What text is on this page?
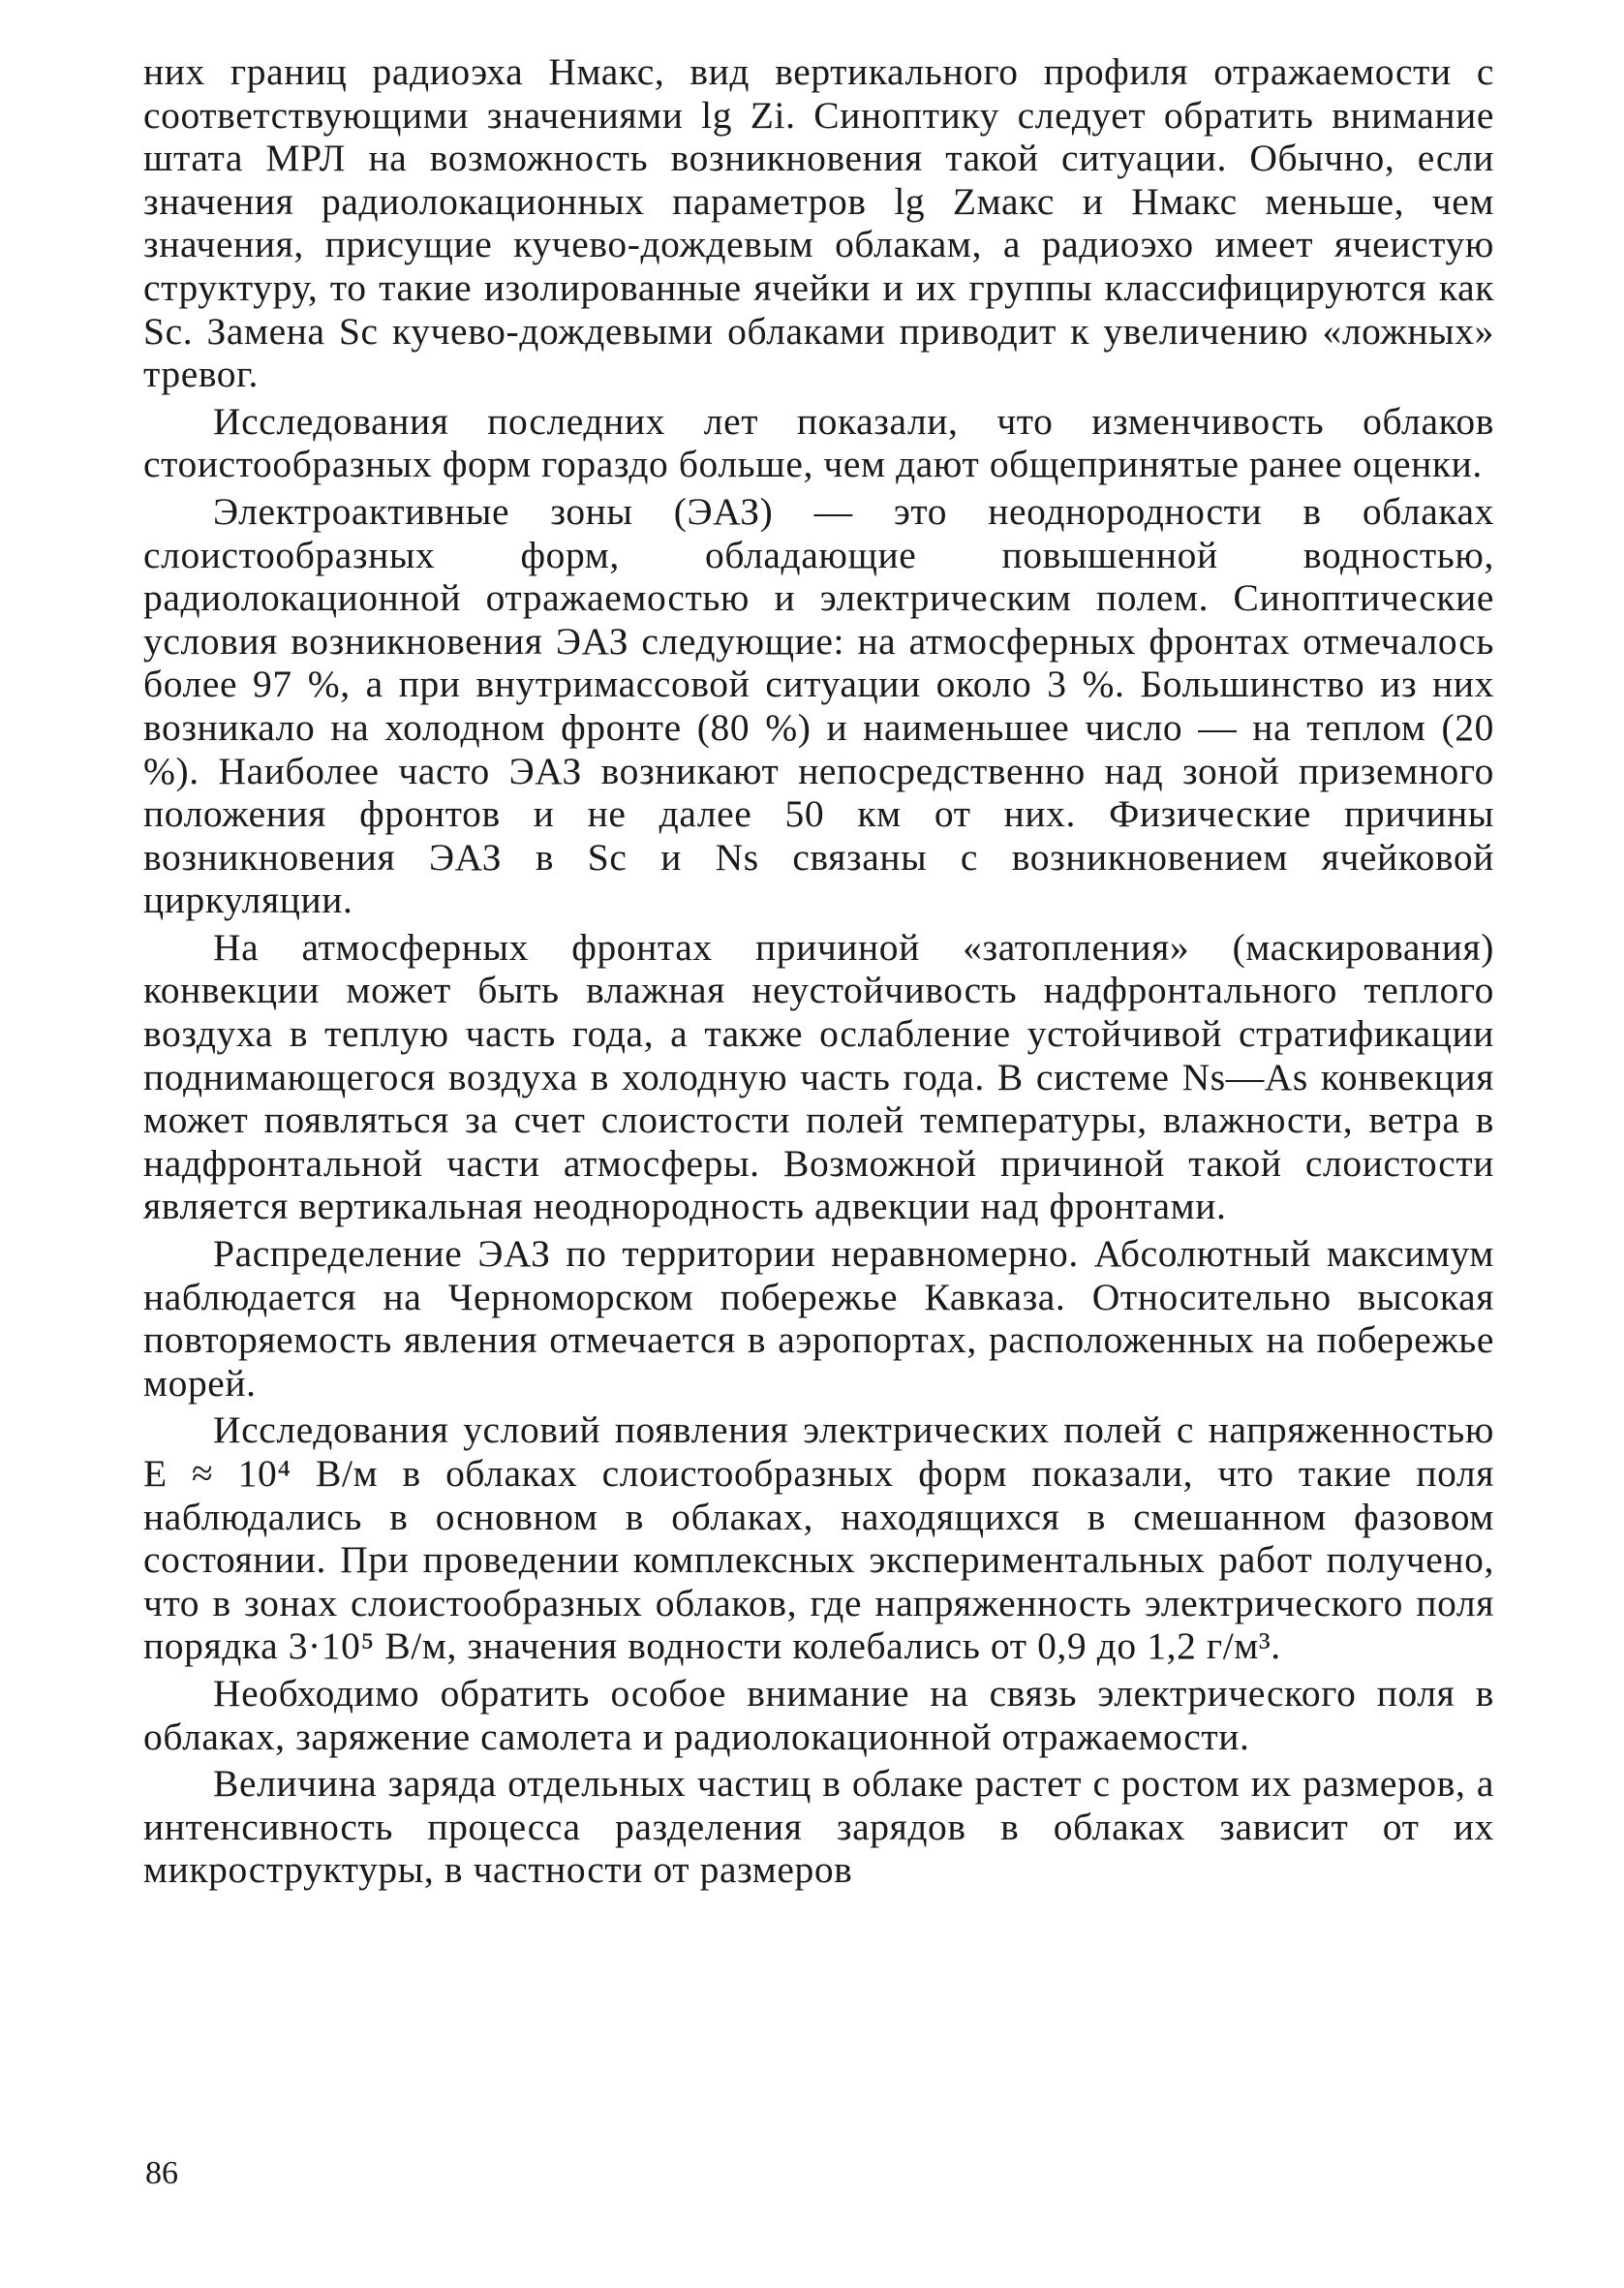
них границ радиоэха Hмакс, вид вертикального профиля отражаемости с соответствующими значениями lg Zi. Синоптику следует обратить внимание штата МРЛ на возможность возникновения такой ситуации. Обычно, если значения радиолокационных параметров lg Zмакс и Hмакс меньше, чем значения, присущие кучево-дождевым облакам, а радиоэхо имеет ячеистую структуру, то такие изолированные ячейки и их группы классифицируются как Sc. Замена Sc кучево-дождевыми облаками приводит к увеличению «ложных» тревог.

Исследования последних лет показали, что изменчивость облаков стоистообразных форм гораздо больше, чем дают общепринятые ранее оценки.

Электроактивные зоны (ЭАЗ) — это неоднородности в облаках слоистообразных форм, обладающие повышенной водностью, радиолокационной отражаемостью и электрическим полем. Синоптические условия возникновения ЭАЗ следующие: на атмосферных фронтах отмечалось более 97 %, а при внутримассовой ситуации около 3 %. Большинство из них возникало на холодном фронте (80 %) и наименьшее число — на теплом (20 %). Наиболее часто ЭАЗ возникают непосредственно над зоной приземного положения фронтов и не далее 50 км от них. Физические причины возникновения ЭАЗ в Sc и Ns связаны с возникновением ячейковой циркуляции.

На атмосферных фронтах причиной «затопления» (маскирования) конвекции может быть влажная неустойчивость надфронтального теплого воздуха в теплую часть года, а также ослабление устойчивой стратификации поднимающегося воздуха в холодную часть года. В системе Ns—As конвекция может появляться за счет слоистости полей температуры, влажности, ветра в надфронтальной части атмосферы. Возможной причиной такой слоистости является вертикальная неоднородность адвекции над фронтами.

Распределение ЭАЗ по территории неравномерно. Абсолютный максимум наблюдается на Черноморском побережье Кавказа. Относительно высокая повторяемость явления отмечается в аэропортах, расположенных на побережье морей.

Исследования условий появления электрических полей с напряженностью E ≈ 10⁴ В/м в облаках слоистообразных форм показали, что такие поля наблюдались в основном в облаках, находящихся в смешанном фазовом состоянии. При проведении комплексных экспериментальных работ получено, что в зонах слоистообразных облаков, где напряженность электрического поля порядка 3·10⁵ В/м, значения водности колебались от 0,9 до 1,2 г/м³.

Необходимо обратить особое внимание на связь электрического поля в облаках, заряжение самолета и радиолокационной отражаемости.

Величина заряда отдельных частиц в облаке растет с ростом их размеров, а интенсивность процесса разделения зарядов в облаках зависит от их микроструктуры, в частности от размеров

86
